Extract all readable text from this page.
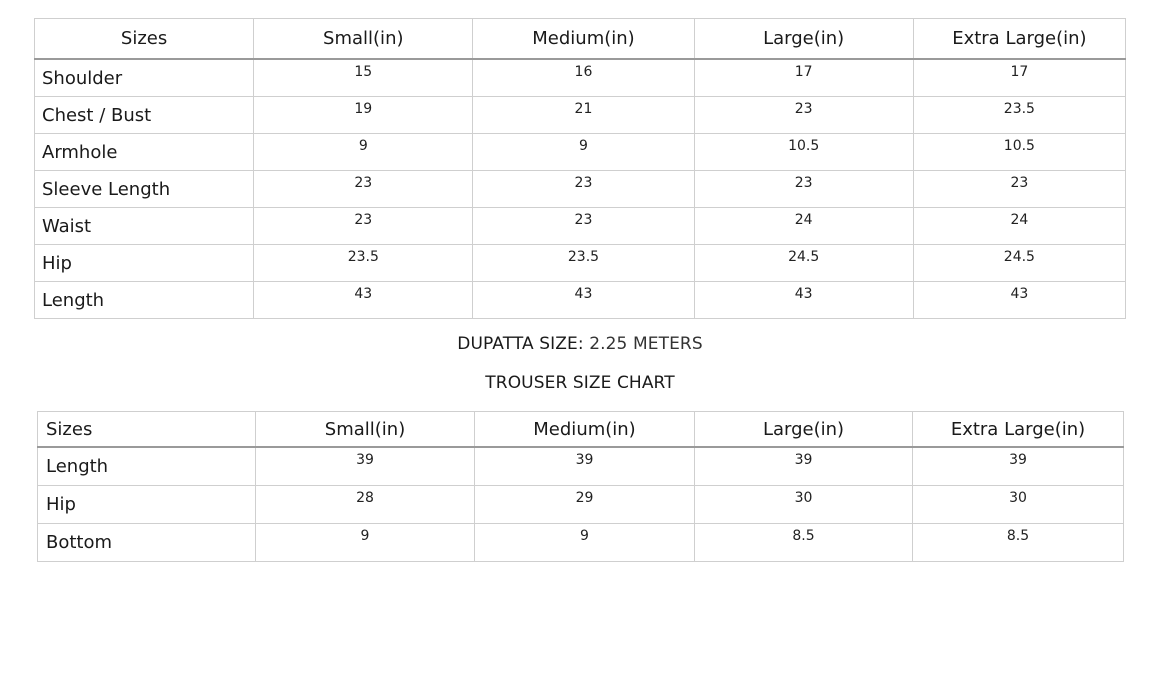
Sizes	Small(in)	Medium(in)	Large(in)	Extra Large(in)
Shoulder	15	16	17	17
Chest / Bust	19	21	23	23.5
Armhole	9	9	10.5	10.5
Sleeve Length	23	23	23	23
Waist	23	23	24	24
Hip	23.5	23.5	24.5	24.5
Length	43	43	43	43
DUPATTA SIZE: 2.25 METERS
TROUSER SIZE CHART
Sizes	Small(in)	Medium(in)	Large(in)	Extra Large(in)
Length	39	39	39	39
Hip	28	29	30	30
Bottom	9	9	8.5	8.5
